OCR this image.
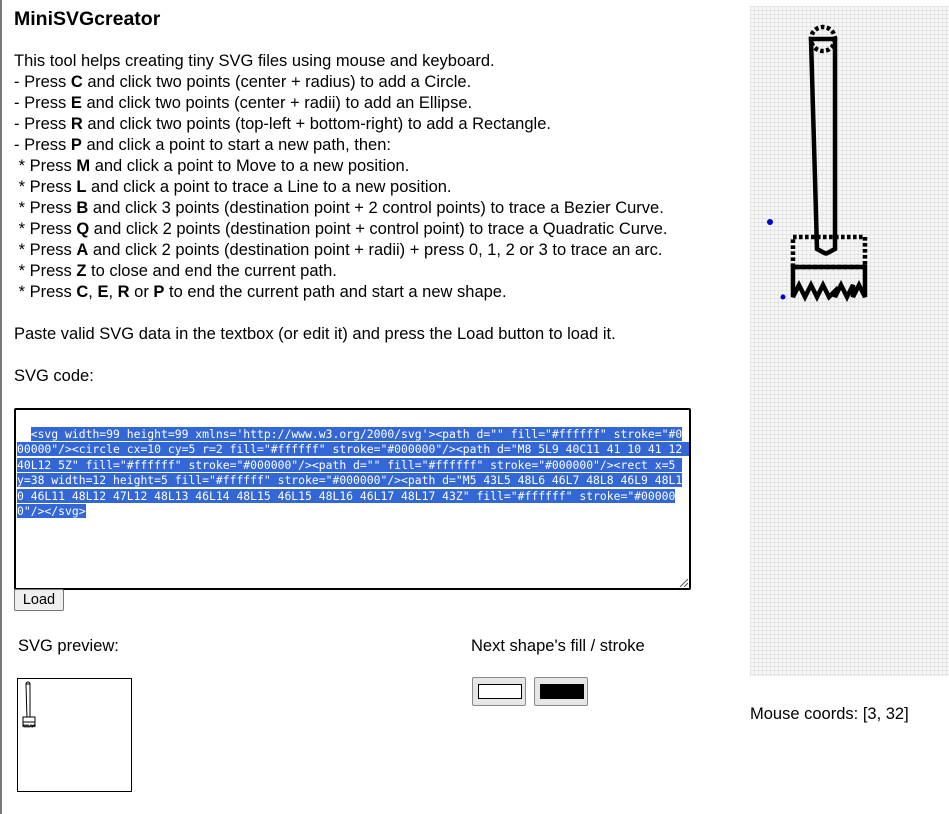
MiniSVGcreator
This tool helps creating tiny SVG files using mouse and keyboard.
- Press C and click two points (center + radius) to add a Circle.
- Press E and click two points (center + radii) to add an Ellipse.
- Press R and click two points (top-left + bottom-right) to add a Rectangle.
- Press P and click a point to start a new path, then:
* Press M and click a point to Move to a new position.
* Press L and click a point to trace a Line to a new position.
* Press B and click 3 points (destination point + 2 control points) to trace a Bezier Curve.
* Press Q and click 2 points (destination point + control point) to trace a Quadratic Curve.
* Press A and click 2 points (destination point + radii) + press 0, 1, 2 or 3 to trace an arc.
* Press Z to close and end the current path.
* Press C, E, R or P to end the current path and start a new shape.
Paste valid SVG data in the textbox (or edit it) and press the Load button to load it.
SVG code:

<svg width=99 height=99 xmlns='http://www.w3.org/2000/svg'><path d="" fill="#ffffff" stroke="#000000"/><circle cx=10 cy=5 r=2 fill="#ffffff" stroke="#000000"/><path d="M8 5L9 40C11 41 10 41 12 40L12 5Z" fill="#ffffff" stroke="#000000"/><path d="" fill="#ffffff" stroke="#000000"/><rect x=5 y=38 width=12 height=5 fill="#ffffff" stroke="#000000"/><path d="M5 43L5 48L6 46L7 48L8 46L9 48L10 46L11 48L12 47L12 48L13 46L14 48L15 46L15 48L16 46L17 48L17 43Z" fill="#ffffff" stroke="#000000"/></svg>

Load
SVG preview:	Next shape's fill / stroke
Mouse coords: [3, 32]
